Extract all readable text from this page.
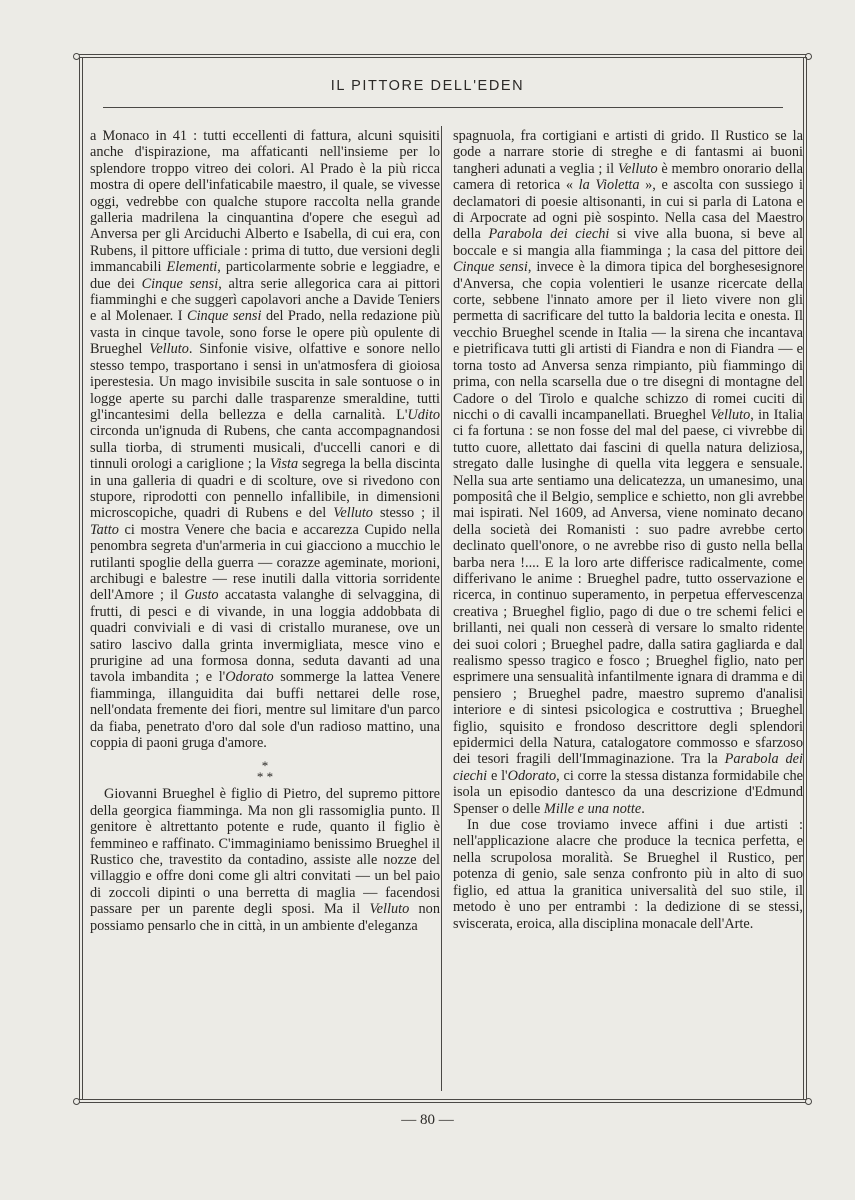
IL PITTORE DELL'EDEN

a Monaco in 41 : tutti eccellenti di fattura, alcuni squisiti anche d'ispirazione, ma affaticanti nell'insieme per lo splendore troppo vitreo dei colori. Al Prado è la più ricca mostra di opere dell'infaticabile maestro, il quale, se vivesse oggi, vedrebbe con qualche stupore raccolta nella grande galleria madrilena la cinquantina d'opere che eseguì ad Anversa per gli Arciduchi Alberto e Isabella, di cui era, con Rubens, il pittore ufficiale : prima di tutto, due versioni degli immancabili Elementi, particolarmente sobrie e leggiadre, e due dei Cinque sensi, altra serie allegorica cara ai pittori fiamminghi e che suggerì capolavori anche a Davide Teniers e al Molenaer. I Cinque sensi del Prado, nella redazione più vasta in cinque tavole, sono forse le opere più opulente di Brueghel Velluto. Sinfonie visive, olfattive e sonore nello stesso tempo, trasportano i sensi in un'atmosfera di gioiosa iperestesia. Un mago invisibile suscita in sale sontuose o in logge aperte su parchi dalle trasparenze smeraldine, tutti gl'incantesimi della bellezza e della carnalità. L'Udito circonda un'ignuda di Rubens, che canta accompagnandosi sulla tiorba, di strumenti musicali, d'uccelli canori e di tinnuli orologi a cariglione ; la Vista segrega la bella discinta in una galleria di quadri e di scolture, ove si rivedono con stupore, riprodotti con pennello infallibile, in dimensioni microscopiche, quadri di Rubens e del Velluto stesso ; il Tatto ci mostra Venere che bacia e accarezza Cupido nella penombra segreta d'un'armeria in cui giacciono a mucchio le rutilanti spoglie della guerra — corazze ageminate, morioni, archibugi e balestre — rese inutili dalla vittoria sorridente dell'Amore ; il Gusto accatasta valanghe di selvaggina, di frutti, di pesci e di vivande, in una loggia addobbata di quadri conviviali e di vasi di cristallo muranese, ove un satiro lascivo dalla grinta invermigliata, mesce vino e prurigine ad una formosa donna, seduta davanti ad una tavola imbandita ; e l'Odorato sommerge la lattea Venere fiamminga, illanguidita dai buffi nettarei delle rose, nell'ondata fremente dei fiori, mentre sul limitare d'un parco da fiaba, penetrato d'oro dal sole d'un radioso mattino, una coppia di paoni gruga d'amore.

*
* *

Giovanni Brueghel è figlio di Pietro, del supremo pittore della georgica fiamminga. Ma non gli rassomiglia punto. Il genitore è altrettanto potente e rude, quanto il figlio è femmineo e raffinato. C'immaginiamo benissimo Brueghel il Rustico che, travestito da contadino, assiste alle nozze del villaggio e offre doni come gli altri convitati — un bel paio di zoccoli dipinti o una berretta di maglia — facendosi passare per un parente degli sposi. Ma il Velluto non possiamo pensarlo che in città, in un ambiente d'eleganza

spagnuola, fra cortigiani e artisti di grido. Il Rustico se la gode a narrare storie di streghe e di fantasmi ai buoni tangheri adunati a veglia ; il Velluto è membro onorario della camera di retorica « la Violetta », e ascolta con sussiego i declamatori di poesie altisonanti, in cui si parla di Latona e di Arpocrate ad ogni piè sospinto. Nella casa del Maestro della Parabola dei ciechi si vive alla buona, si beve al boccale e si mangia alla fiamminga ; la casa del pittore dei Cinque sensi, invece è la dimora tipica del borghesesignore d'Anversa, che copia volentieri le usanze ricercate della corte, sebbene l'innato amore per il lieto vivere non gli permetta di sacrificare del tutto la baldoria lecita e onesta. Il vecchio Brueghel scende in Italia — la sirena che incantava e pietrificava tutti gli artisti di Fiandra e non di Fiandra — e torna tosto ad Anversa senza rimpianto, più fiammingo di prima, con nella scarsella due o tre disegni di montagne del Cadore o del Tirolo e qualche schizzo di romei cuciti di nicchi o di cavalli incampanellati. Brueghel Velluto, in Italia ci fa fortuna : se non fosse del mal del paese, ci vivrebbe di tutto cuore, allettato dai fascini di quella natura deliziosa, stregato dalle lusinghe di quella vita leggera e sensuale. Nella sua arte sentiamo una delicatezza, un umanesimo, una pompositâ che il Belgio, semplice e schietto, non gli avrebbe mai ispirati. Nel 1609, ad Anversa, viene nominato decano della società dei Romanisti : suo padre avrebbe certo declinato quell'onore, o ne avrebbe riso di gusto nella bella barba nera !.... E la loro arte differisce radicalmente, come differivano le anime : Brueghel padre, tutto osservazione e ricerca, in continuo superamento, in perpetua effervescenza creativa ; Brueghel figlio, pago di due o tre schemi felici e brillanti, nei quali non cesserà di versare lo smalto ridente dei suoi colori ; Brueghel padre, dalla satira gagliarda e dal realismo spesso tragico e fosco ; Brueghel figlio, nato per esprimere una sensualità infantilmente ignara di dramma e di pensiero ; Brueghel padre, maestro supremo d'analisi interiore e di sintesi psicologica e costruttiva ; Brueghel figlio, squisito e frondoso descrittore degli splendori epidermici della Natura, catalogatore commosso e sfarzoso dei tesori fragili dell'Immaginazione. Tra la Parabola dei ciechi e l'Odorato, ci corre la stessa distanza formidabile che isola un episodio dantesco da una descrizione d'Edmund Spenser o delle Mille e una notte.

In due cose troviamo invece affini i due artisti : nell'applicazione alacre che produce la tecnica perfetta, e nella scrupolosa moralità. Se Brueghel il Rustico, per potenza di genio, sale senza confronto più in alto di suo figlio, ed attua la granitica universalità del suo stile, il metodo è uno per entrambi : la dedizione di se stessi, sviscerata, eroica, alla disciplina monacale dell'Arte.

— 80 —
